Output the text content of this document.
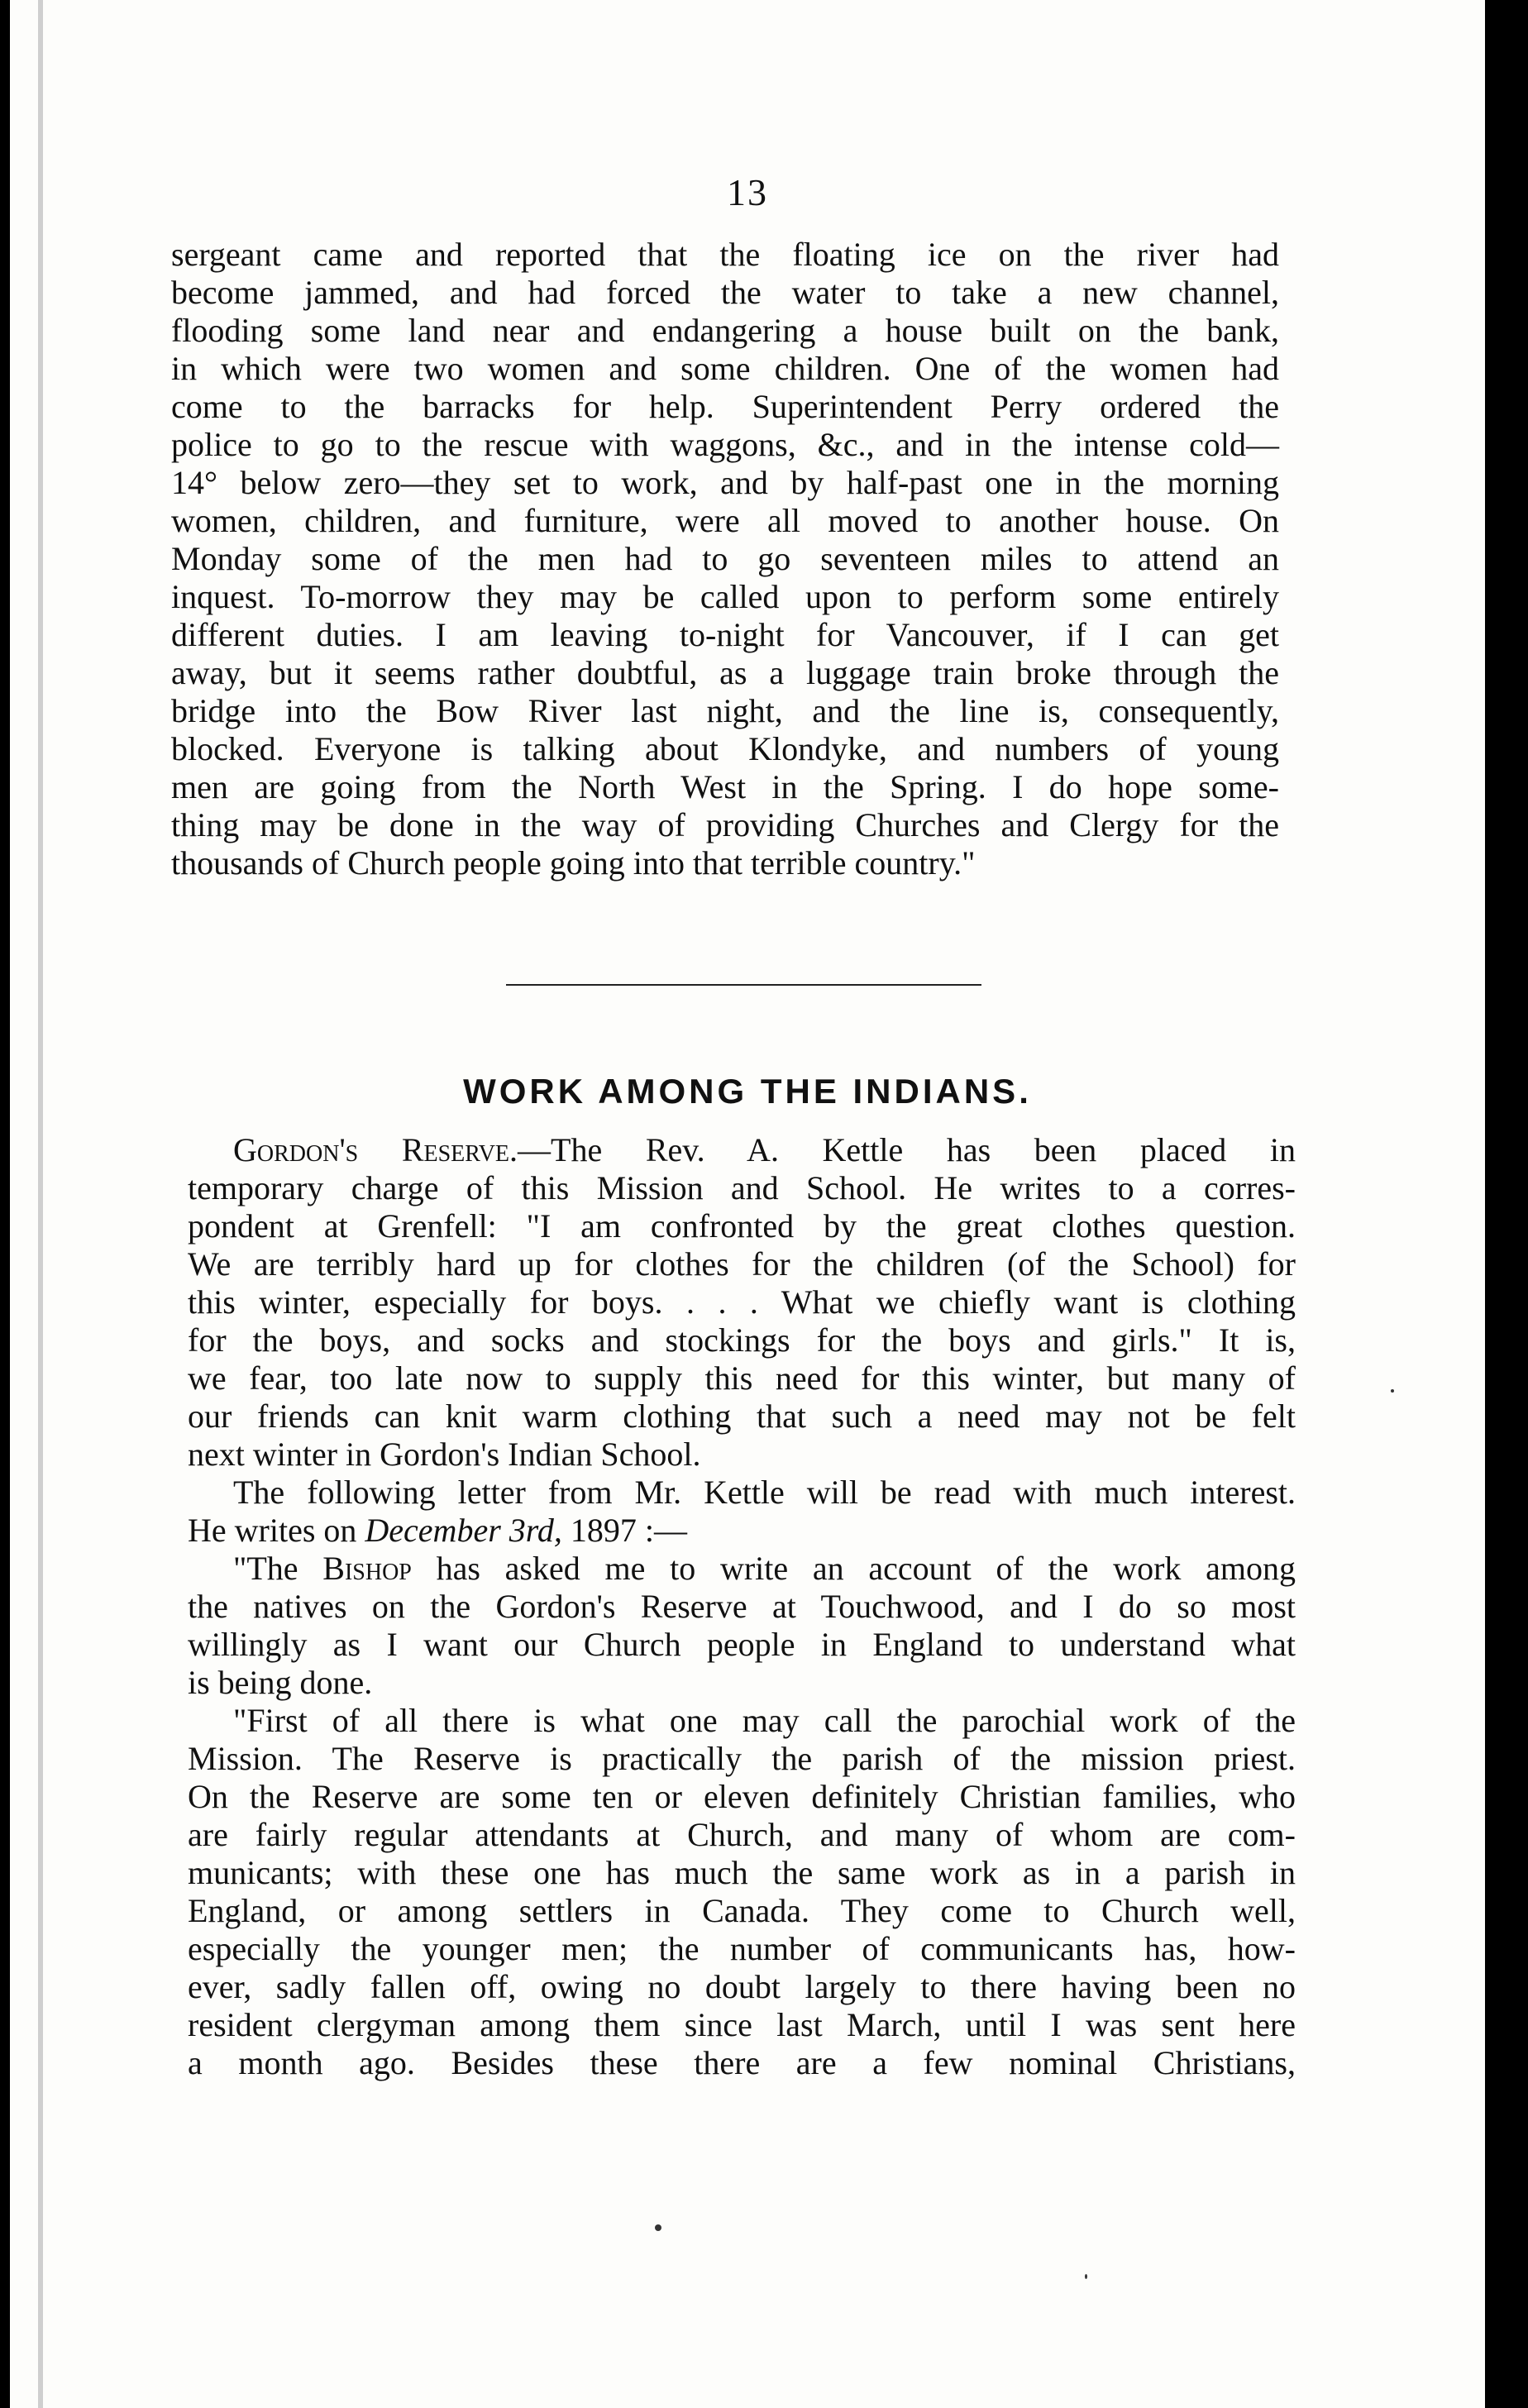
13
sergeant came and reported that the floating ice on the river had
become jammed, and had forced the water to take a new channel,
flooding some land near and endangering a house built on the bank,
in which were two women and some children. One of the women had
come to the barracks for help. Superintendent Perry ordered the
police to go to the rescue with waggons, &c., and in the intense cold—
14° below zero—they set to work, and by half-past one in the morning
women, children, and furniture, were all moved to another house. On
Monday some of the men had to go seventeen miles to attend an
inquest. To-morrow they may be called upon to perform some entirely
different duties. I am leaving to-night for Vancouver, if I can get
away, but it seems rather doubtful, as a luggage train broke through the
bridge into the Bow River last night, and the line is, consequently,
blocked. Everyone is talking about Klondyke, and numbers of young
men are going from the North West in the Spring. I do hope some-
thing may be done in the way of providing Churches and Clergy for the
thousands of Church people going into that terrible country."
WORK AMONG THE INDIANS.
Gordon's Reserve.—The Rev. A. Kettle has been placed in
temporary charge of this Mission and School. He writes to a corres-
pondent at Grenfell: "I am confronted by the great clothes question.
We are terribly hard up for clothes for the children (of the School) for
this winter, especially for boys. . . . What we chiefly want is clothing
for the boys, and socks and stockings for the boys and girls." It is,
we fear, too late now to supply this need for this winter, but many of
our friends can knit warm clothing that such a need may not be felt
next winter in Gordon's Indian School.
The following letter from Mr. Kettle will be read with much interest.
He writes on December 3rd, 1897 :—
"The Bishop has asked me to write an account of the work among
the natives on the Gordon's Reserve at Touchwood, and I do so most
willingly as I want our Church people in England to understand what
is being done.
"First of all there is what one may call the parochial work of the
Mission. The Reserve is practically the parish of the mission priest.
On the Reserve are some ten or eleven definitely Christian families, who
are fairly regular attendants at Church, and many of whom are com-
municants; with these one has much the same work as in a parish in
England, or among settlers in Canada. They come to Church well,
especially the younger men; the number of communicants has, how-
ever, sadly fallen off, owing no doubt largely to there having been no
resident clergyman among them since last March, until I was sent here
a month ago. Besides these there are a few nominal Christians,
